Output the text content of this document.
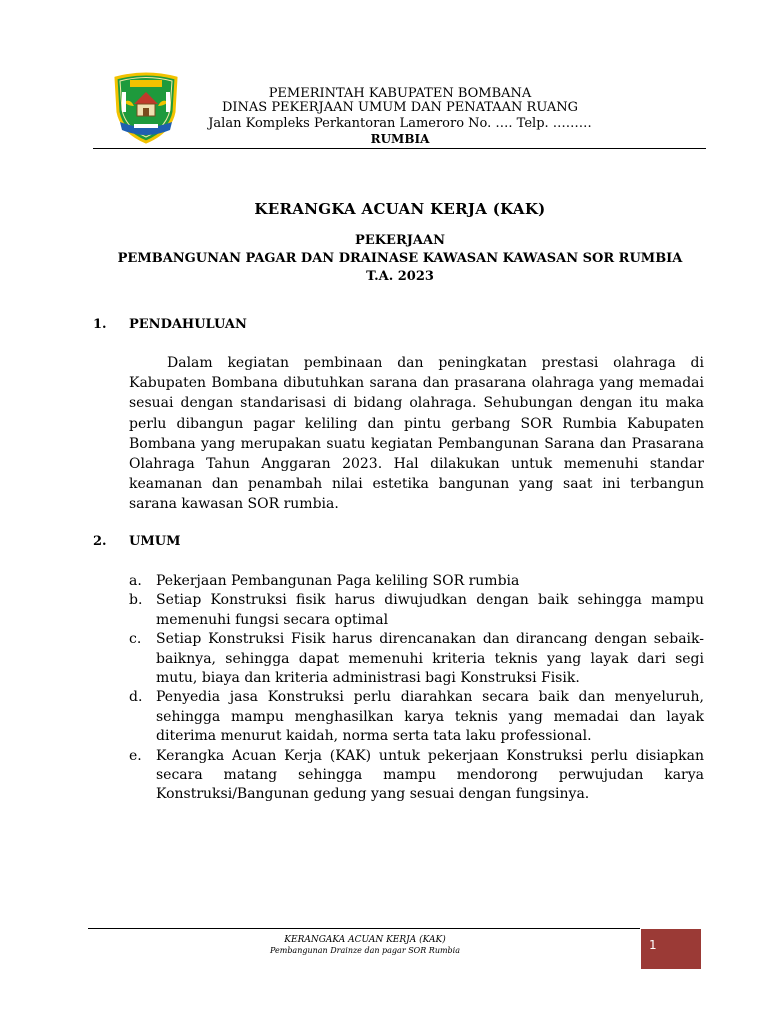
PEMERINTAH KABUPATEN BOMBANA
DINAS PEKERJAAN UMUM DAN PENATAAN RUANG
Jalan Kompleks Perkantoran Lameroro No. …. Telp. ………
RUMBIA
KERANGKA ACUAN KERJA (KAK)
PEKERJAAN
PEMBANGUNAN PAGAR DAN DRAINASE KAWASAN KAWASAN SOR RUMBIA
T.A. 2023
1. PENDAHULUAN

Dalam kegiatan pembinaan dan peningkatan prestasi olahraga di Kabupaten Bombana dibutuhkan sarana dan prasarana olahraga yang memadai sesuai dengan standarisasi di bidang olahraga. Sehubungan dengan itu maka perlu dibangun pagar keliling dan pintu gerbang SOR Rumbia Kabupaten Bombana yang merupakan suatu kegiatan Pembangunan Sarana dan Prasarana Olahraga Tahun Anggaran 2023. Hal dilakukan untuk memenuhi standar keamanan dan penambah nilai estetika bangunan yang saat ini terbangun sarana kawasan SOR rumbia.

2. UMUM
a. Pekerjaan Pembangunan Paga keliling SOR rumbia
b. Setiap Konstruksi fisik harus diwujudkan dengan baik sehingga mampu memenuhi fungsi secara optimal
c. Setiap Konstruksi Fisik harus direncanakan dan dirancang dengan sebaik-baiknya, sehingga dapat memenuhi kriteria teknis yang layak dari segi mutu, biaya dan kriteria administrasi bagi Konstruksi Fisik.
d. Penyedia jasa Konstruksi perlu diarahkan secara baik dan menyeluruh, sehingga mampu menghasilkan karya teknis yang memadai dan layak diterima menurut kaidah, norma serta tata laku professional.
e. Kerangka Acuan Kerja (KAK) untuk pekerjaan Konstruksi perlu disiapkan secara matang sehingga mampu mendorong perwujudan karya Konstruksi/Bangunan gedung yang sesuai dengan fungsinya.
KERANGAKA ACUAN KERJA (KAK)
Pembangunan Drainze dan pagar SOR Rumbia	1
